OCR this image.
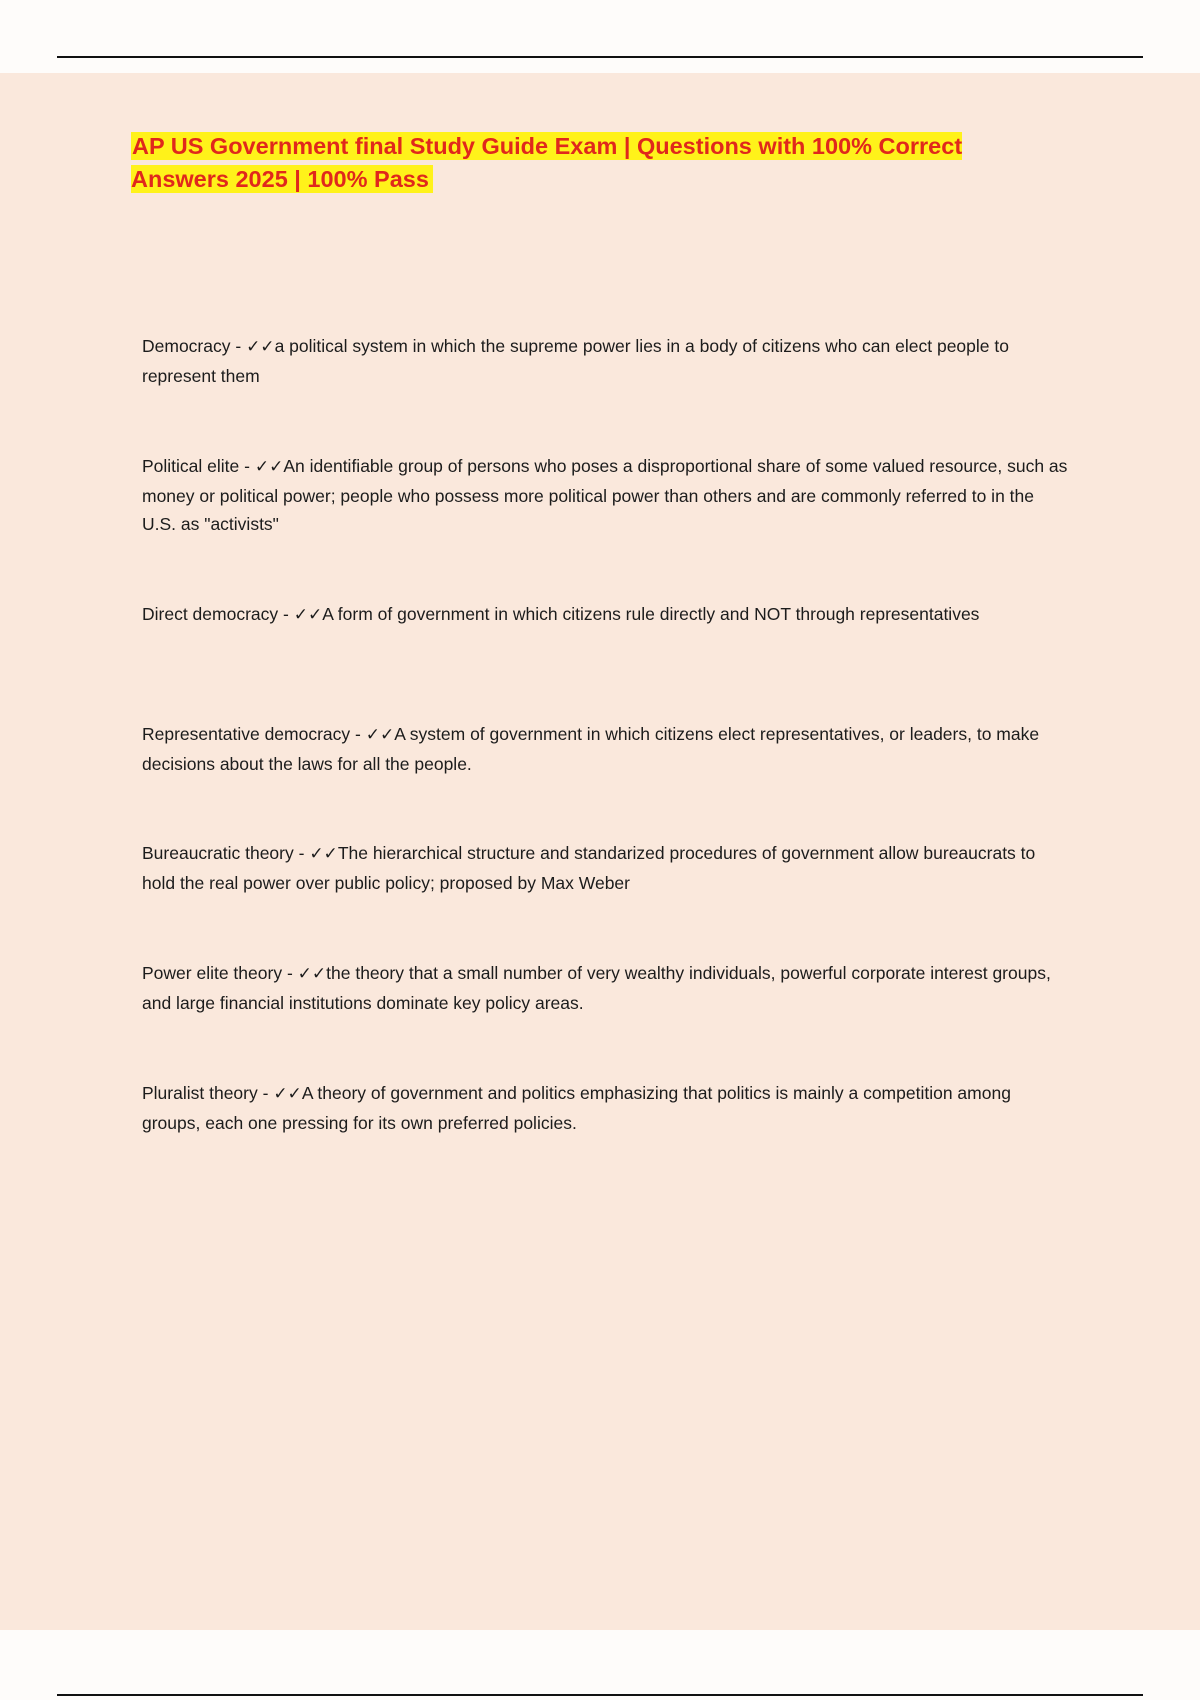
AP US Government final Study Guide Exam | Questions with 100% Correct Answers 2025 | 100% Pass

Democracy - ✓✓a political system in which the supreme power lies in a body of citizens who can elect people to represent them

Political elite - ✓✓An identifiable group of persons who poses a disproportional share of some valued resource, such as money or political power; people who possess more political power than others and are commonly referred to in the U.S. as "activists"

Direct democracy - ✓✓A form of government in which citizens rule directly and NOT through representatives

Representative democracy - ✓✓A system of government in which citizens elect representatives, or leaders, to make decisions about the laws for all the people.

Bureaucratic theory - ✓✓The hierarchical structure and standarized procedures of government allow bureaucrats to hold the real power over public policy; proposed by Max Weber

Power elite theory - ✓✓the theory that a small number of very wealthy individuals, powerful corporate interest groups, and large financial institutions dominate key policy areas.

Pluralist theory - ✓✓A theory of government and politics emphasizing that politics is mainly a competition among groups, each one pressing for its own preferred policies.
